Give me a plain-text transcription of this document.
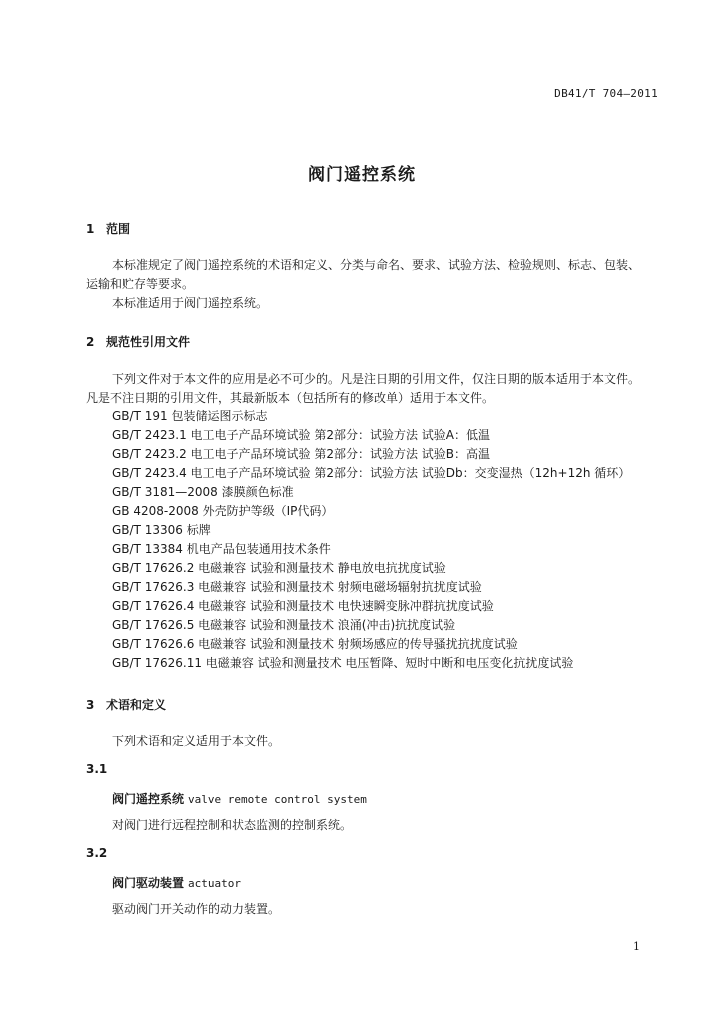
DB41/T 704—2011
阀门遥控系统
1 范围
本标准规定了阀门遥控系统的术语和定义、分类与命名、要求、试验方法、检验规则、标志、包装、
运输和贮存等要求。
本标准适用于阀门遥控系统。
2 规范性引用文件
下列文件对于本文件的应用是必不可少的。凡是注日期的引用文件，仅注日期的版本适用于本文件。
凡是不注日期的引用文件，其最新版本（包括所有的修改单）适用于本文件。
GB/T 191 包装储运图示标志
GB/T 2423.1 电工电子产品环境试验 第2部分：试验方法 试验A：低温
GB/T 2423.2 电工电子产品环境试验 第2部分：试验方法 试验B：高温
GB/T 2423.4 电工电子产品环境试验 第2部分：试验方法 试验Db：交变湿热（12h+12h 循环）
GB/T 3181—2008 漆膜颜色标准
GB 4208-2008 外壳防护等级（IP代码）
GB/T 13306 标牌
GB/T 13384 机电产品包装通用技术条件
GB/T 17626.2 电磁兼容 试验和测量技术 静电放电抗扰度试验
GB/T 17626.3 电磁兼容 试验和测量技术 射频电磁场辐射抗扰度试验
GB/T 17626.4 电磁兼容 试验和测量技术 电快速瞬变脉冲群抗扰度试验
GB/T 17626.5 电磁兼容 试验和测量技术 浪涌(冲击)抗扰度试验
GB/T 17626.6 电磁兼容 试验和测量技术 射频场感应的传导骚扰抗扰度试验
GB/T 17626.11 电磁兼容 试验和测量技术 电压暂降、短时中断和电压变化抗扰度试验
3 术语和定义
下列术语和定义适用于本文件。
3.1
阀门遥控系统 valve remote control system
对阀门进行远程控制和状态监测的控制系统。
3.2
阀门驱动装置 actuator
驱动阀门开关动作的动力装置。
1
